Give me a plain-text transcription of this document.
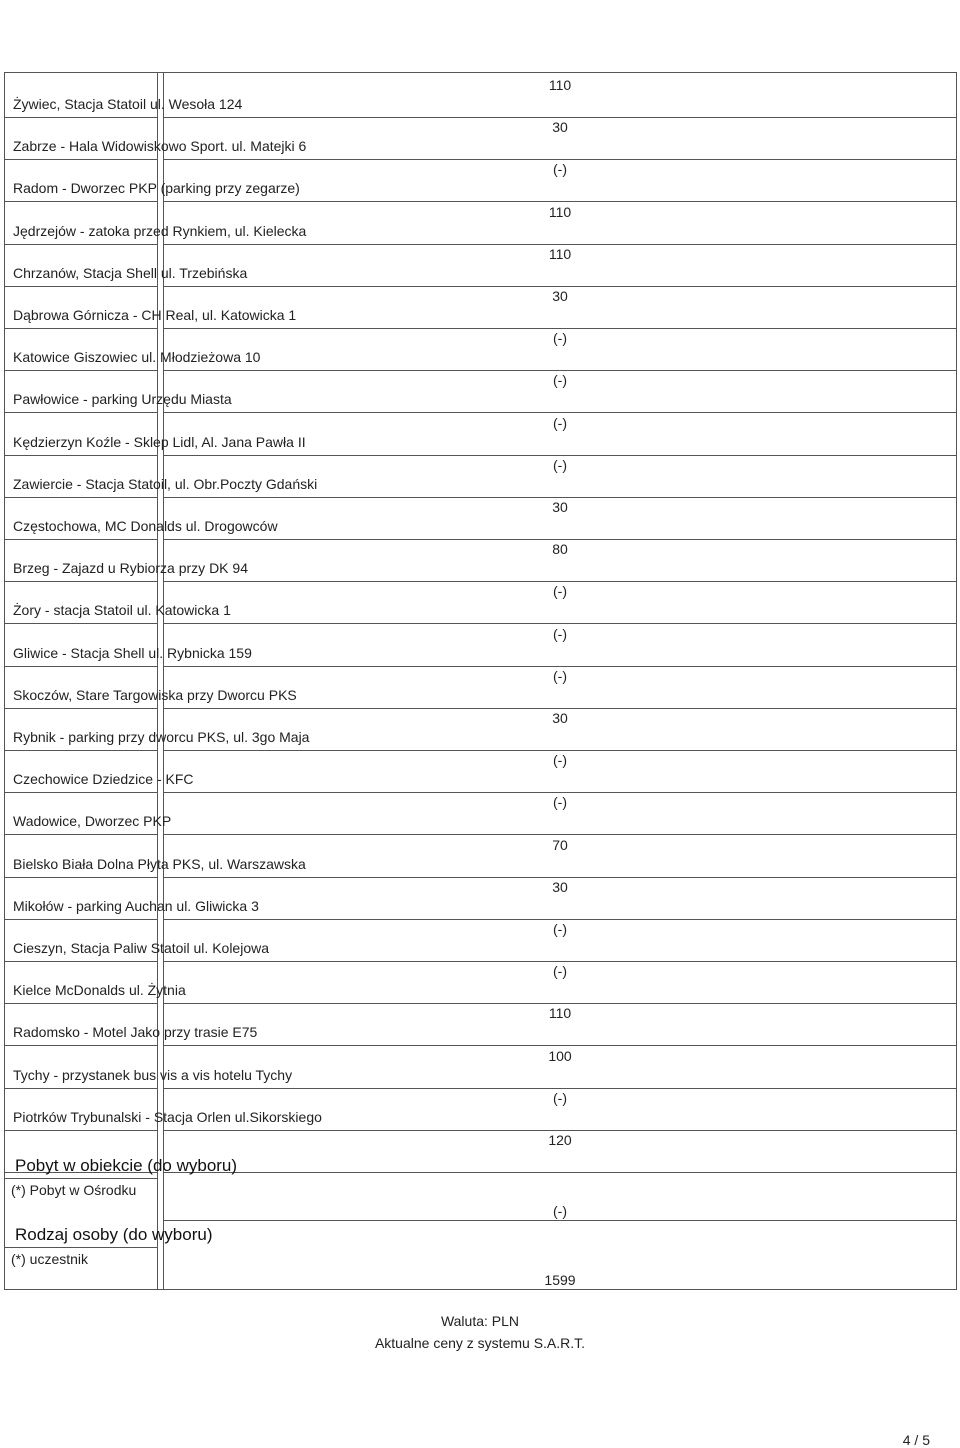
Żywiec, Stacja Statoil ul. Wesoła 124
Zabrze - Hala Widowiskowo Sport. ul. Matejki 6
Radom - Dworzec PKP (parking przy zegarze)
Jędrzejów - zatoka przed Rynkiem, ul. Kielecka
Chrzanów, Stacja Shell ul. Trzebińska
Dąbrowa Górnicza - CH Real, ul. Katowicka 1
Katowice Giszowiec ul. Młodzieżowa 10
Pawłowice - parking Urzędu Miasta
Kędzierzyn Koźle - Sklep Lidl, Al. Jana Pawła II
Zawiercie - Stacja Statoil, ul. Obr.Poczty Gdański
Częstochowa, MC Donalds ul. Drogowców
Brzeg - Zajazd u Rybiorza przy DK 94
Żory - stacja Statoil ul. Katowicka 1
Gliwice - Stacja Shell ul. Rybnicka 159
Skoczów, Stare Targowiska przy Dworcu PKS
Rybnik - parking przy dworcu PKS, ul. 3go Maja
Czechowice Dziedzice - KFC
Wadowice, Dworzec PKP
Bielsko Biała Dolna Płyta PKS, ul. Warszawska
Mikołów - parking Auchan ul. Gliwicka 3
Cieszyn, Stacja Paliw Statoil ul. Kolejowa
Kielce McDonalds ul. Żytnia
Radomsko - Motel Jako przy trasie E75
Tychy - przystanek bus vis a vis hotelu Tychy
Piotrków Trybunalski - Stacja Orlen ul.Sikorskiego
110
30
(-)
110
110
30
(-)
(-)
(-)
(-)
30
80
(-)
(-)
(-)
30
(-)
(-)
70
30
(-)
(-)
110
100
(-)
120
Pobyt w obiekcie (do wyboru)
(*) Pobyt w Ośrodku
Rodzaj osoby (do wyboru)
(*) uczestnik
(-)
1599
Waluta: PLN
Aktualne ceny z systemu S.A.R.T.
4 / 5
